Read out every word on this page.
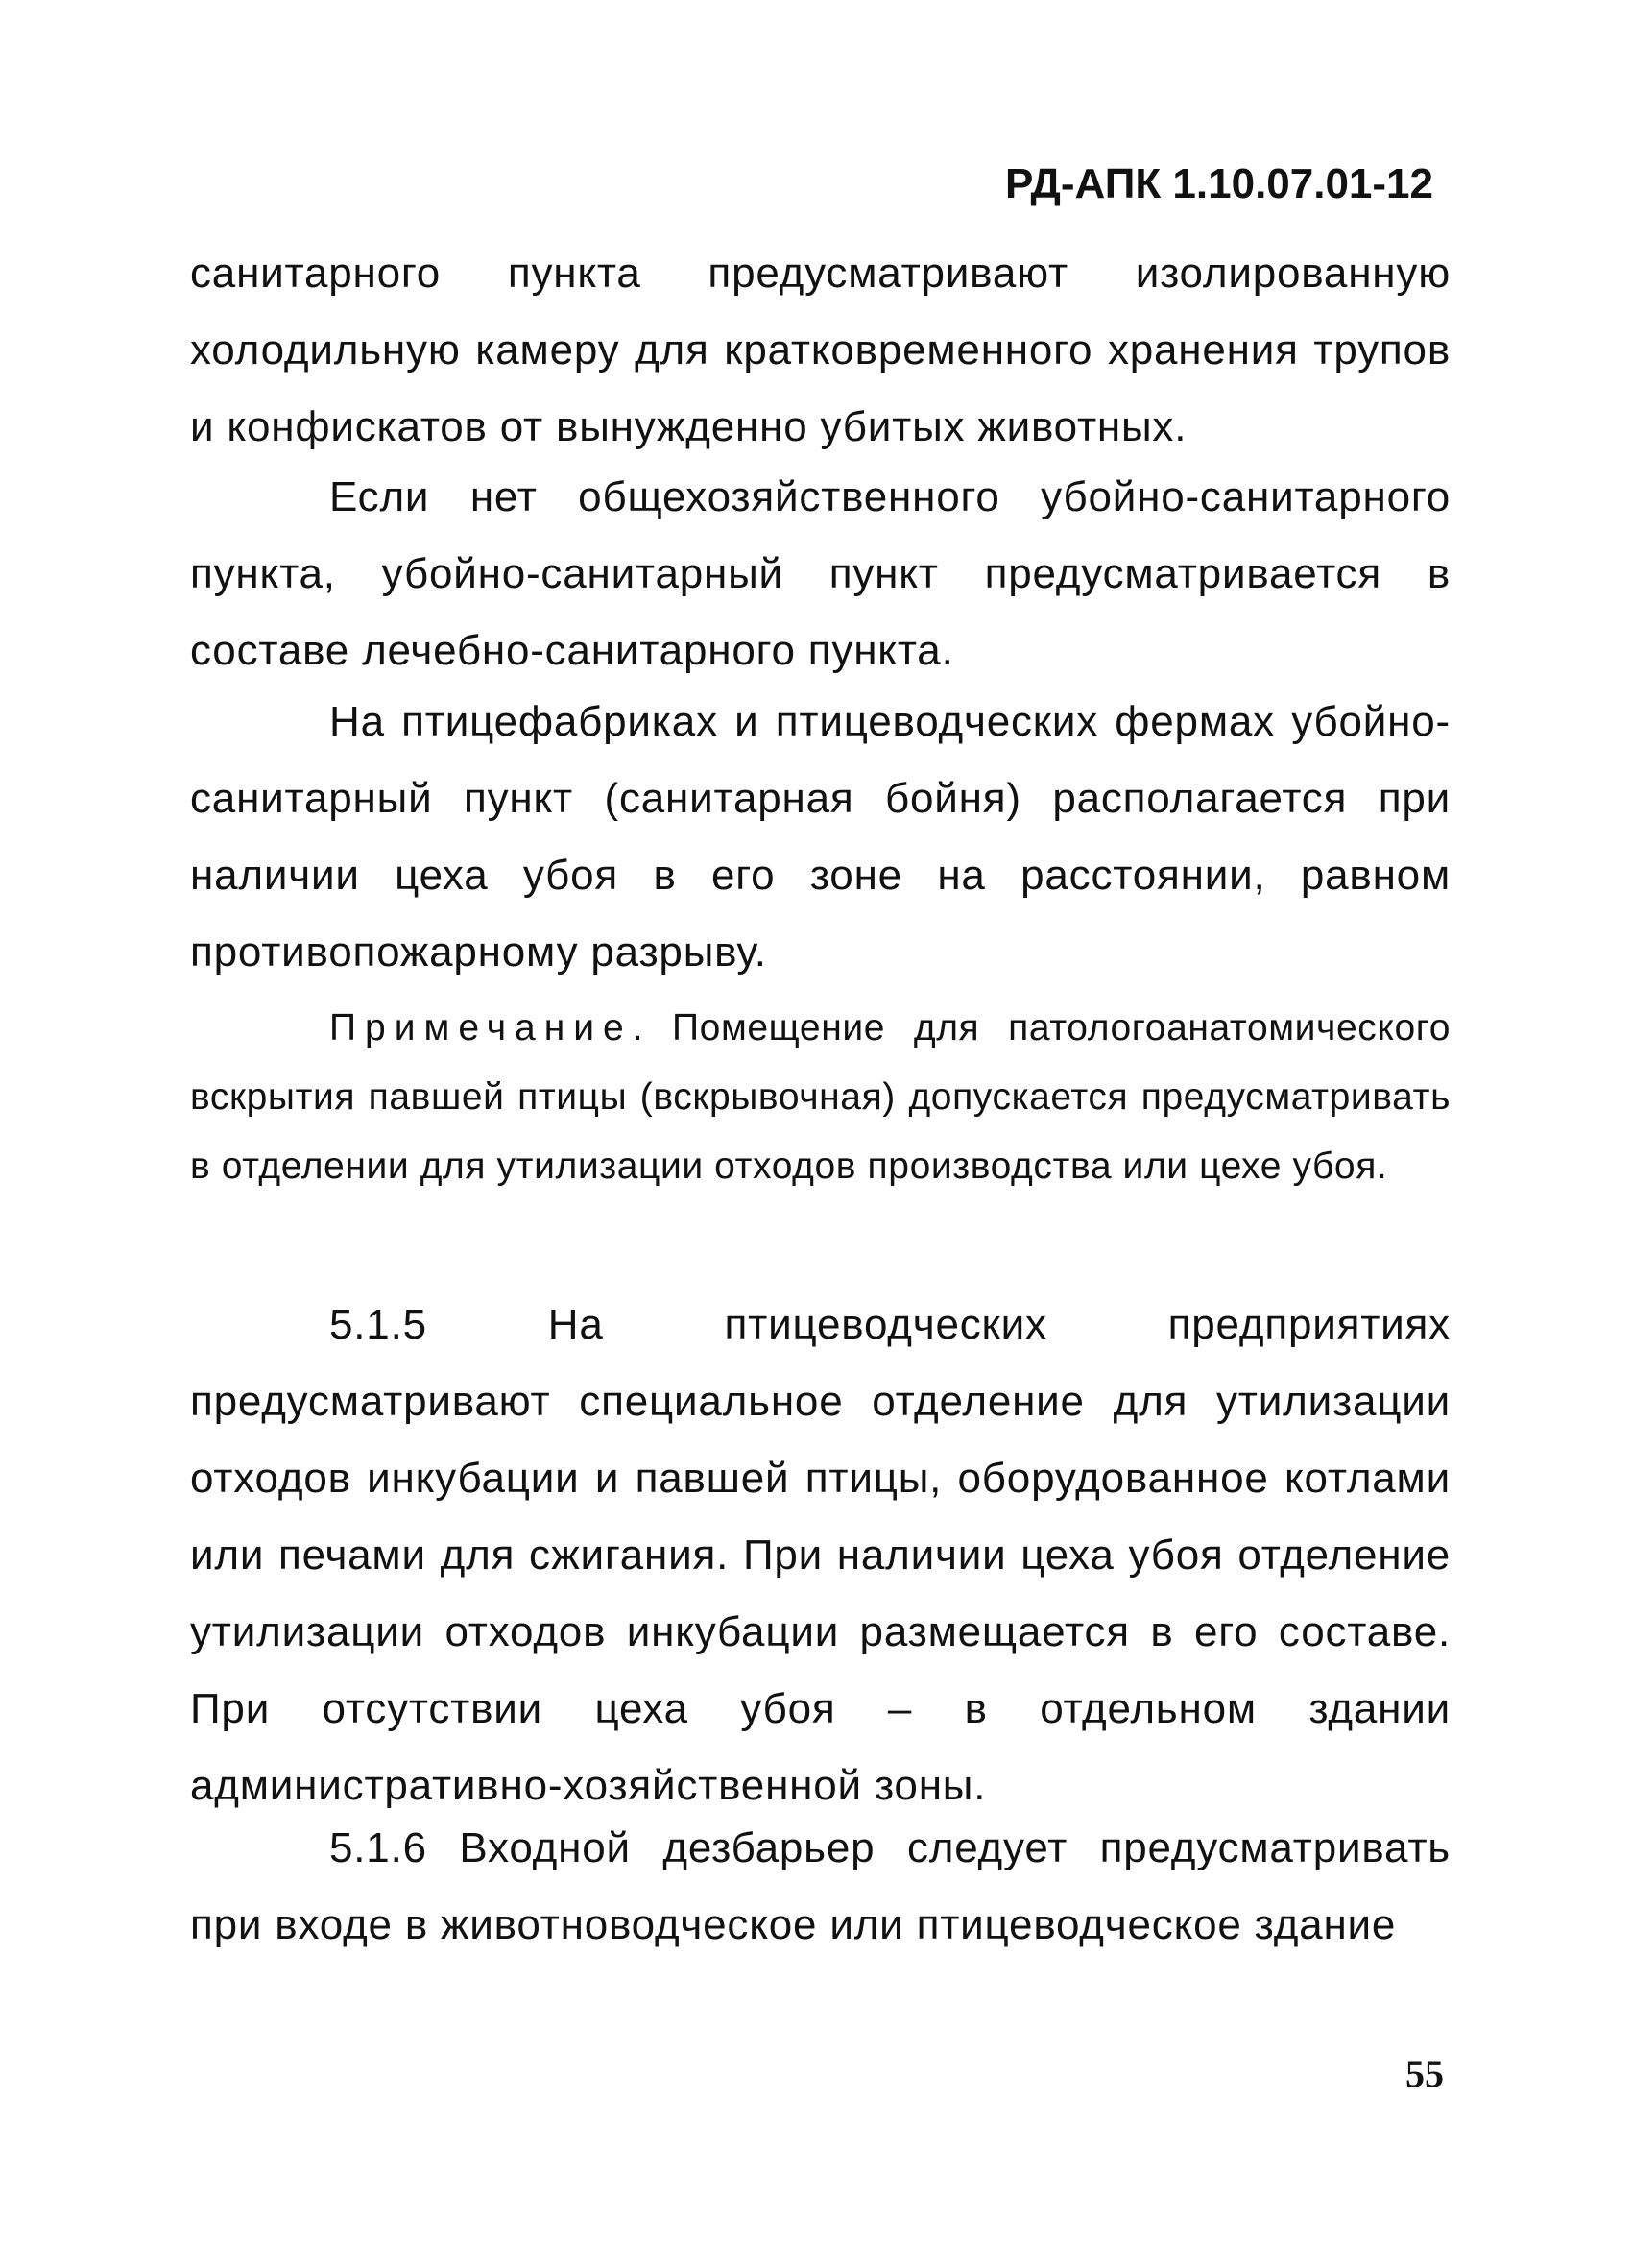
РД-АПК 1.10.07.01-12

санитарного пункта предусматривают изолированную холодильную камеру для кратковременного хранения трупов и конфискатов от вынужденно убитых животных.

Если нет общехозяйственного убойно-санитарного пункта, убойно-санитарный пункт предусматривается в составе лечебно-санитарного пункта.

На птицефабриках и птицеводческих фермах убойно-санитарный пункт (санитарная бойня) располагается при наличии цеха убоя в его зоне на расстоянии, равном противопожарному разрыву.

Примечание. Помещение для патологоанатомического вскрытия павшей птицы (вскрывочная) допускается предусматривать в отделении для утилизации отходов производства или цехе убоя.

5.1.5 На птицеводческих предприятиях предусматривают специальное отделение для утилизации отходов инкубации и павшей птицы, оборудованное котлами или печами для сжигания. При наличии цеха убоя отделение утилизации отходов инкубации размещается в его составе. При отсутствии цеха убоя – в отдельном здании административно-хозяйственной зоны.

5.1.6 Входной дезбарьер следует предусматривать при входе в животноводческое или птицеводческое здание

55
